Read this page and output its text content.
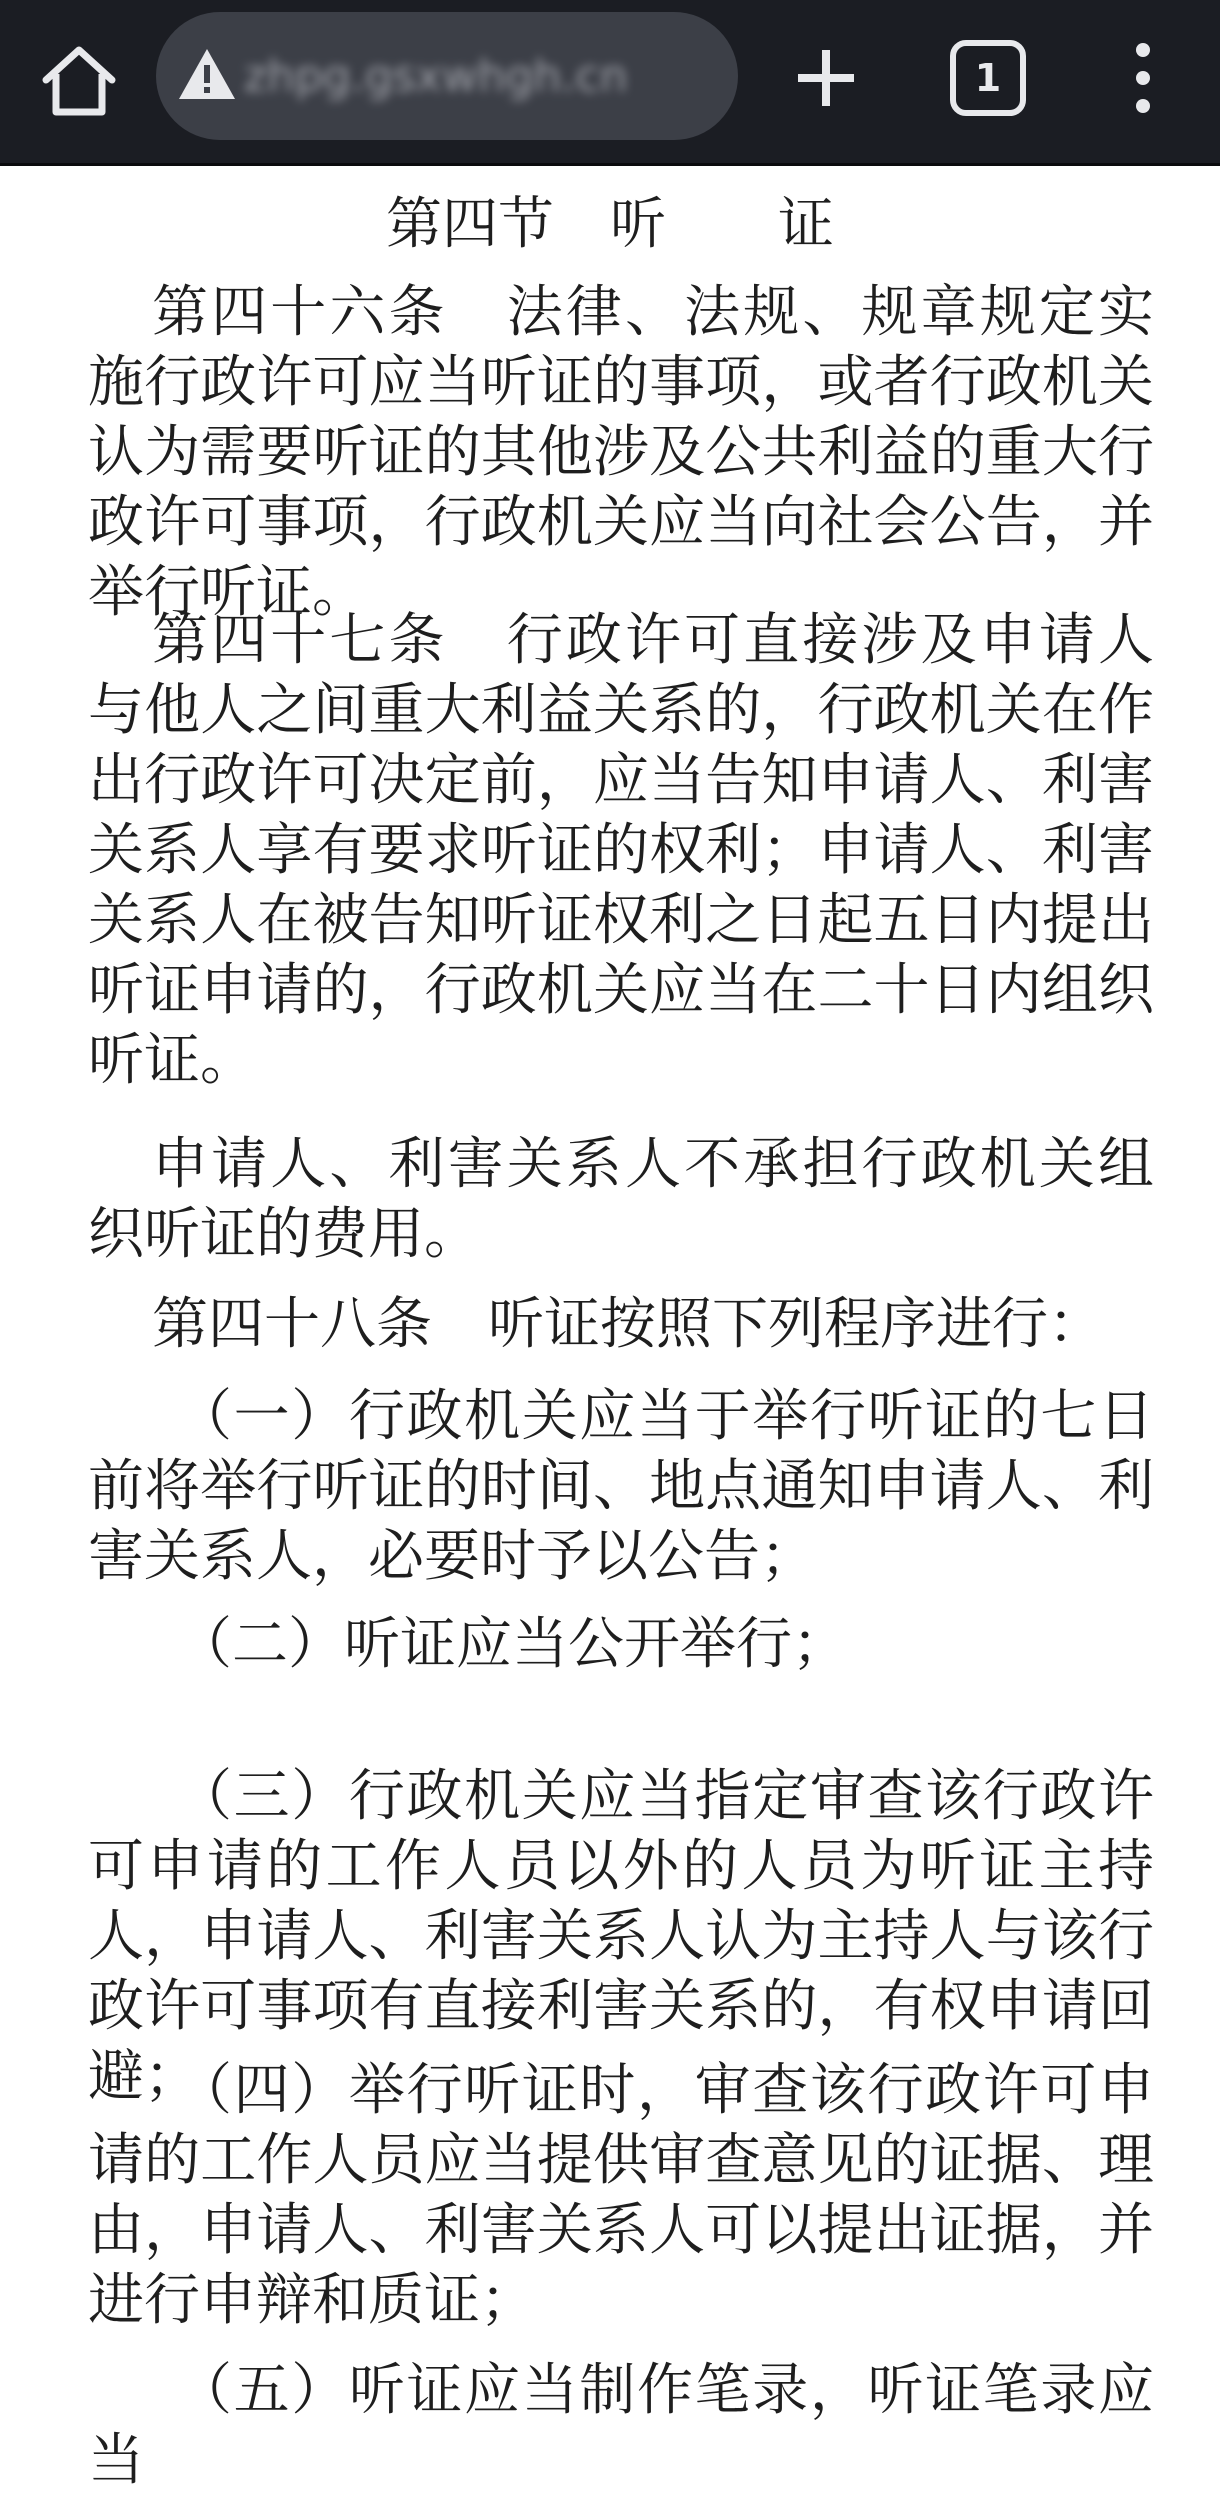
zhpg.gsxwhgh.cn	1
第四节　听　　证

第四十六条　法律、法规、规章规定实施行政许可应当听证的事项，或者行政机关认为需要听证的其他涉及公共利益的重大行政许可事项，行政机关应当向社会公告，并举行听证。

第四十七条　行政许可直接涉及申请人与他人之间重大利益关系的，行政机关在作出行政许可决定前，应当告知申请人、利害关系人享有要求听证的权利；申请人、利害关系人在被告知听证权利之日起五日内提出听证申请的，行政机关应当在二十日内组织听证。

申请人、利害关系人不承担行政机关组织听证的费用。

第四十八条　听证按照下列程序进行：

（一）行政机关应当于举行听证的七日前将举行听证的时间、地点通知申请人、利害关系人，必要时予以公告；

（二）听证应当公开举行；

（三）行政机关应当指定审查该行政许可申请的工作人员以外的人员为听证主持人，申请人、利害关系人认为主持人与该行政许可事项有直接利害关系的，有权申请回避；

（四）举行听证时，审查该行政许可申请的工作人员应当提供审查意见的证据、理由，申请人、利害关系人可以提出证据，并进行申辩和质证；

（五）听证应当制作笔录，听证笔录应当
